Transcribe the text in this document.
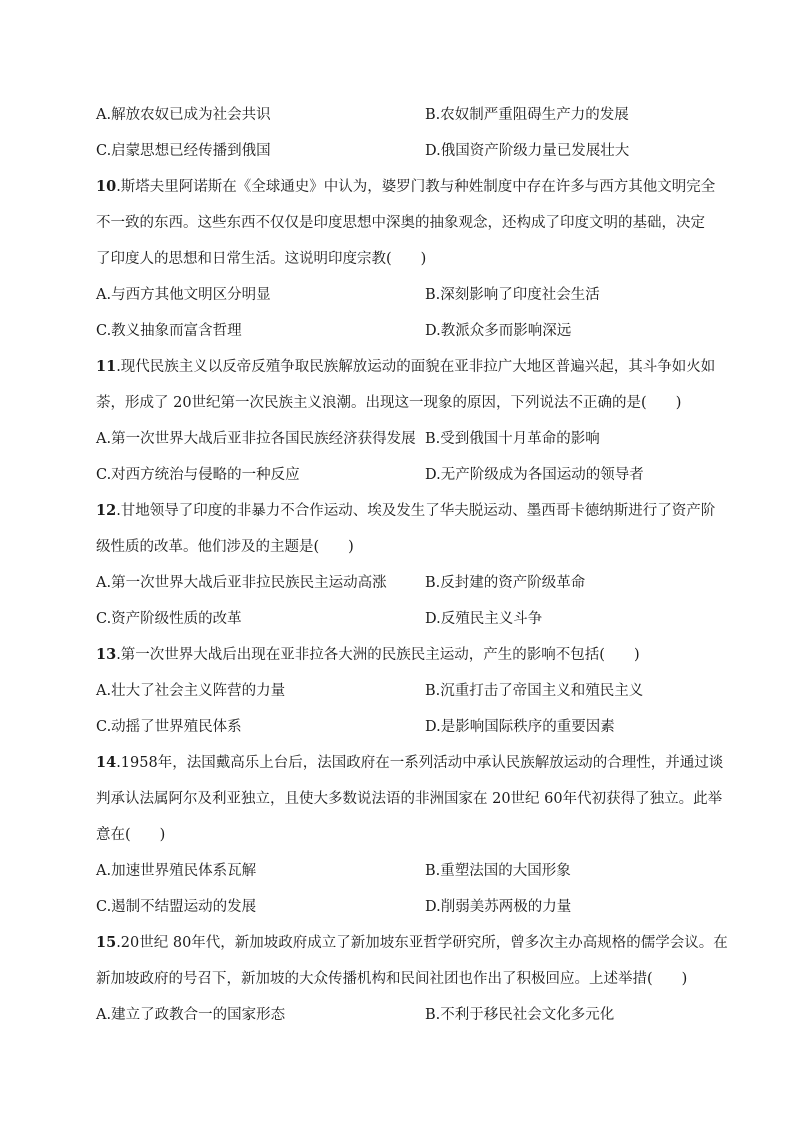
A.解放农奴已成为社会共识	B.农奴制严重阻碍生产力的发展
C.启蒙思想已经传播到俄国	D.俄国资产阶级力量已发展壮大
10.斯塔夫里阿诺斯在《全球通史》中认为，婆罗门教与种姓制度中存在许多与西方其他文明完全
不一致的东西。这些东西不仅仅是印度思想中深奥的抽象观念，还构成了印度文明的基础，决定
了印度人的思想和日常生活。这说明印度宗教(　　)
A.与西方其他文明区分明显	B.深刻影响了印度社会生活
C.教义抽象而富含哲理	D.教派众多而影响深远
11.现代民族主义以反帝反殖争取民族解放运动的面貌在亚非拉广大地区普遍兴起，其斗争如火如
荼，形成了 20世纪第一次民族主义浪潮。出现这一现象的原因，下列说法不正确的是(　　)
A.第一次世界大战后亚非拉各国民族经济获得发展 B.受到俄国十月革命的影响
C.对西方统治与侵略的一种反应	D.无产阶级成为各国运动的领导者
12.甘地领导了印度的非暴力不合作运动、埃及发生了华夫脱运动、墨西哥卡德纳斯进行了资产阶
级性质的改革。他们涉及的主题是(　　)
A.第一次世界大战后亚非拉民族民主运动高涨	B.反封建的资产阶级革命
C.资产阶级性质的改革	D.反殖民主义斗争
13.第一次世界大战后出现在亚非拉各大洲的民族民主运动，产生的影响不包括(　　)
A.壮大了社会主义阵营的力量	B.沉重打击了帝国主义和殖民主义
C.动摇了世界殖民体系	D.是影响国际秩序的重要因素
14.1958年，法国戴高乐上台后，法国政府在一系列活动中承认民族解放运动的合理性，并通过谈
判承认法属阿尔及利亚独立，且使大多数说法语的非洲国家在 20世纪 60年代初获得了独立。此举
意在(　　)
A.加速世界殖民体系瓦解	B.重塑法国的大国形象
C.遏制不结盟运动的发展	D.削弱美苏两极的力量
15.20世纪 80年代，新加坡政府成立了新加坡东亚哲学研究所，曾多次主办高规格的儒学会议。在
新加坡政府的号召下，新加坡的大众传播机构和民间社团也作出了积极回应。上述举措(　　)
A.建立了政教合一的国家形态	B.不利于移民社会文化多元化
